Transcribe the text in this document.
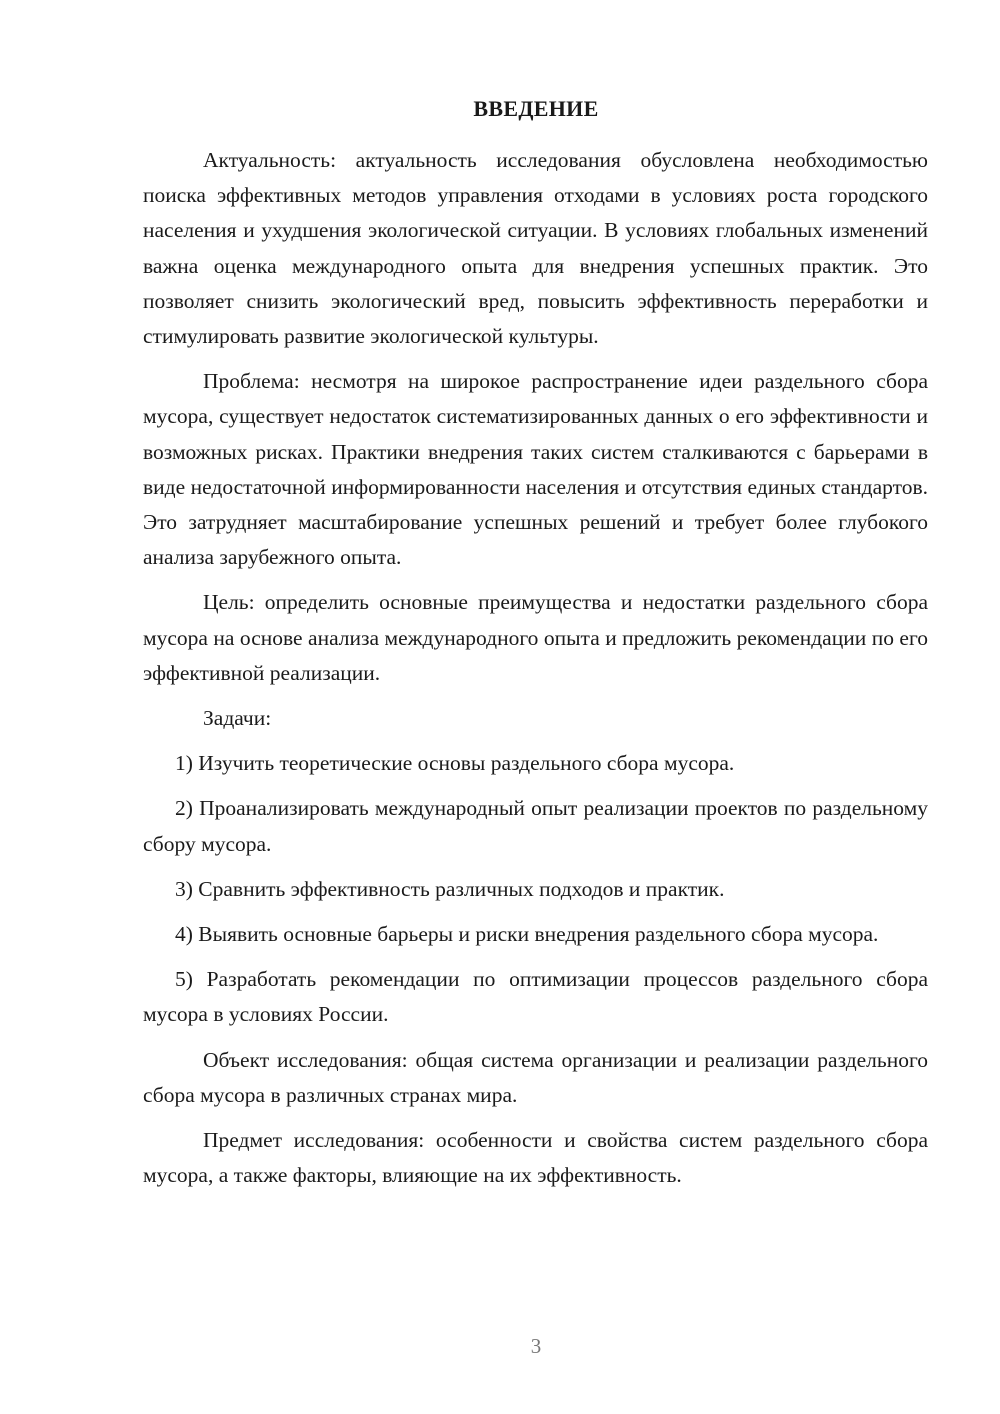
ВВЕДЕНИЕ

Актуальность: актуальность исследования обусловлена необходимостью поиска эффективных методов управления отходами в условиях роста городского населения и ухудшения экологической ситуации. В условиях глобальных изменений важна оценка международного опыта для внедрения успешных практик. Это позволяет снизить экологический вред, повысить эффективность переработки и стимулировать развитие экологической культуры.

Проблема: несмотря на широкое распространение идеи раздельного сбора мусора, существует недостаток систематизированных данных о его эффективности и возможных рисках. Практики внедрения таких систем сталкиваются с барьерами в виде недостаточной информированности населения и отсутствия единых стандартов. Это затрудняет масштабирование успешных решений и требует более глубокого анализа зарубежного опыта.

Цель: определить основные преимущества и недостатки раздельного сбора мусора на основе анализа международного опыта и предложить рекомендации по его эффективной реализации.

Задачи:

1) Изучить теоретические основы раздельного сбора мусора.

2) Проанализировать международный опыт реализации проектов по раздельному сбору мусора.

3) Сравнить эффективность различных подходов и практик.

4) Выявить основные барьеры и риски внедрения раздельного сбора мусора.

5) Разработать рекомендации по оптимизации процессов раздельного сбора мусора в условиях России.

Объект исследования: общая система организации и реализации раздельного сбора мусора в различных странах мира.

Предмет исследования: особенности и свойства систем раздельного сбора мусора, а также факторы, влияющие на их эффективность.

3
